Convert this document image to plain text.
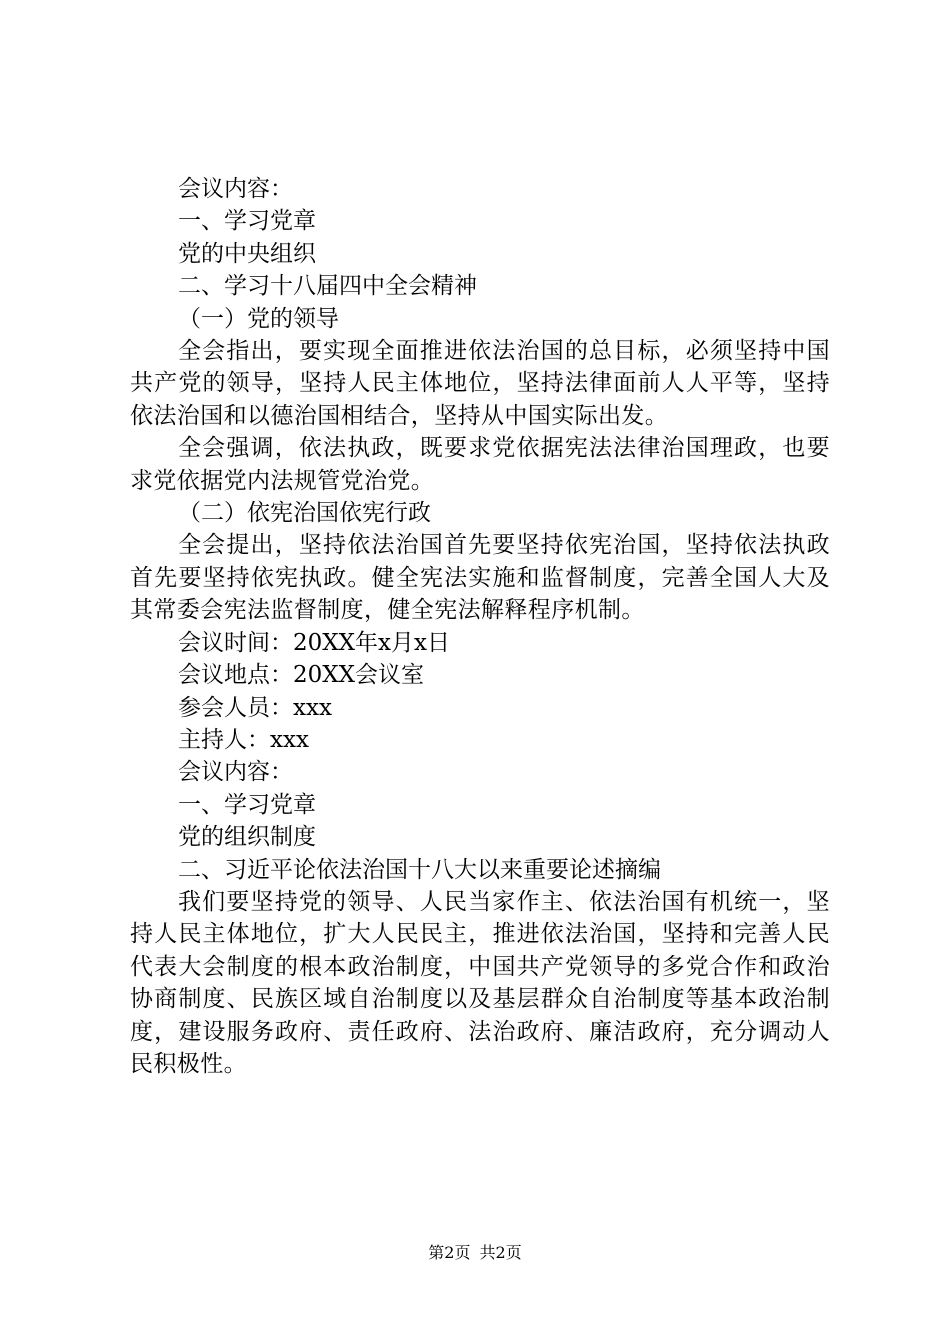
会议内容：
一、学习党章
党的中央组织
二、学习十八届四中全会精神
（一）党的领导
全会指出，要实现全面推进依法治国的总目标，必须坚持中国共产党的领导，坚持人民主体地位，坚持法律面前人人平等，坚持依法治国和以德治国相结合，坚持从中国实际出发。
全会强调，依法执政，既要求党依据宪法法律治国理政，也要求党依据党内法规管党治党。
（二）依宪治国依宪行政
全会提出，坚持依法治国首先要坚持依宪治国，坚持依法执政首先要坚持依宪执政。健全宪法实施和监督制度，完善全国人大及其常委会宪法监督制度，健全宪法解释程序机制。
会议时间：20XX年x月x日
会议地点：20XX会议室
参会人员：xxx
主持人：xxx
会议内容：
一、学习党章
党的组织制度
二、习近平论依法治国十八大以来重要论述摘编
我们要坚持党的领导、人民当家作主、依法治国有机统一，坚持人民主体地位，扩大人民民主，推进依法治国，坚持和完善人民代表大会制度的根本政治制度，中国共产党领导的多党合作和政治协商制度、民族区域自治制度以及基层群众自治制度等基本政治制度，建设服务政府、责任政府、法治政府、廉洁政府，充分调动人民积极性。
第2页 共2页
